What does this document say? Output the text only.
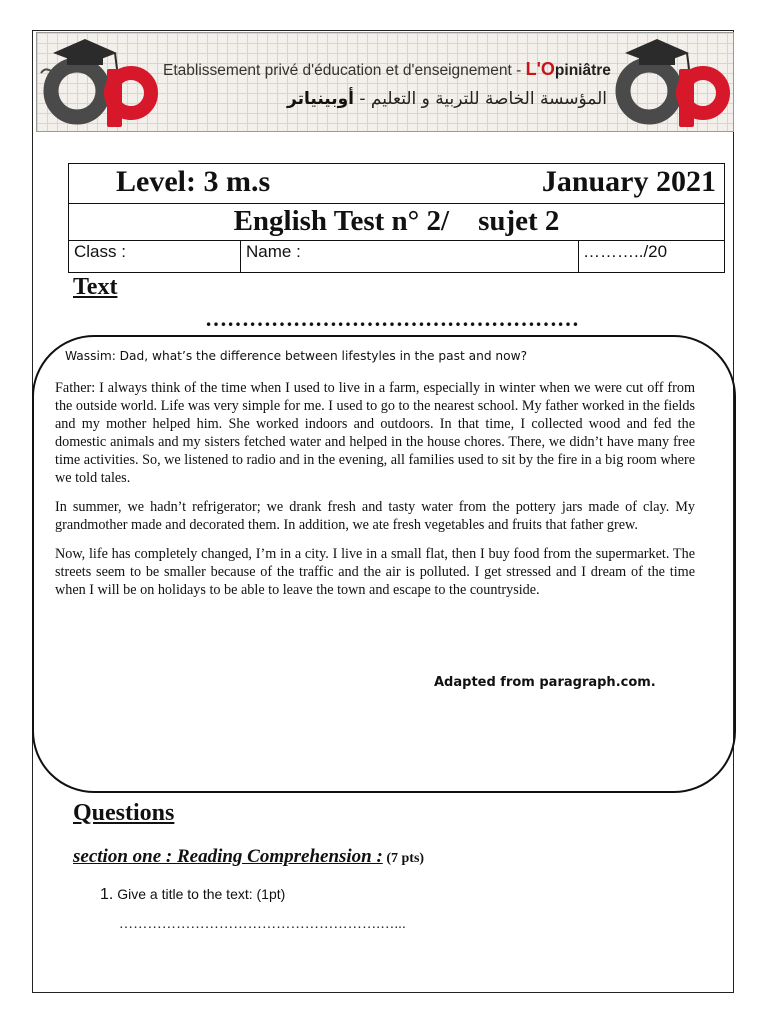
Etablissement privé d'éducation et d'enseignement - L'Opiniâtre
المؤسسة الخاصة للتربية و التعليم - أوبينياتر
Level: 3 m.s	January 2021
English Test n° 2/    sujet 2
Class :	Name :	………../20
Text
……………………………………………
Wassim: Dad, what’s the difference between lifestyles in the past and now?

Father: I always think of the time when I used to live in a farm, especially in winter when we were cut off from the outside world. Life was very simple for me. I used to go to the nearest school. My father worked in the fields and my mother helped him. She worked indoors and outdoors. In that time, I collected wood and fed the domestic animals and my sisters fetched water and helped in the house chores. There, we didn’t have many free time activities. So, we listened to radio and in the evening, all families used to sit by the fire in a big room where we told tales.

In summer, we hadn’t refrigerator; we drank fresh and tasty water from the pottery jars made of clay. My grandmother made and decorated them. In addition, we ate fresh vegetables and fruits that father grew.

Now, life has completely changed, I’m in a city. I live in a small flat, then I buy food from the supermarket. The streets seem to be smaller because of the traffic and the air is polluted. I get stressed and I dream of the time when I will be on holidays to be able to leave the town and escape to the countryside.

Adapted from paragraph.com.
Questions
section one : Reading Comprehension : (7 pts)
1. Give a title to the text: (1pt)
……………………………………………….…...
